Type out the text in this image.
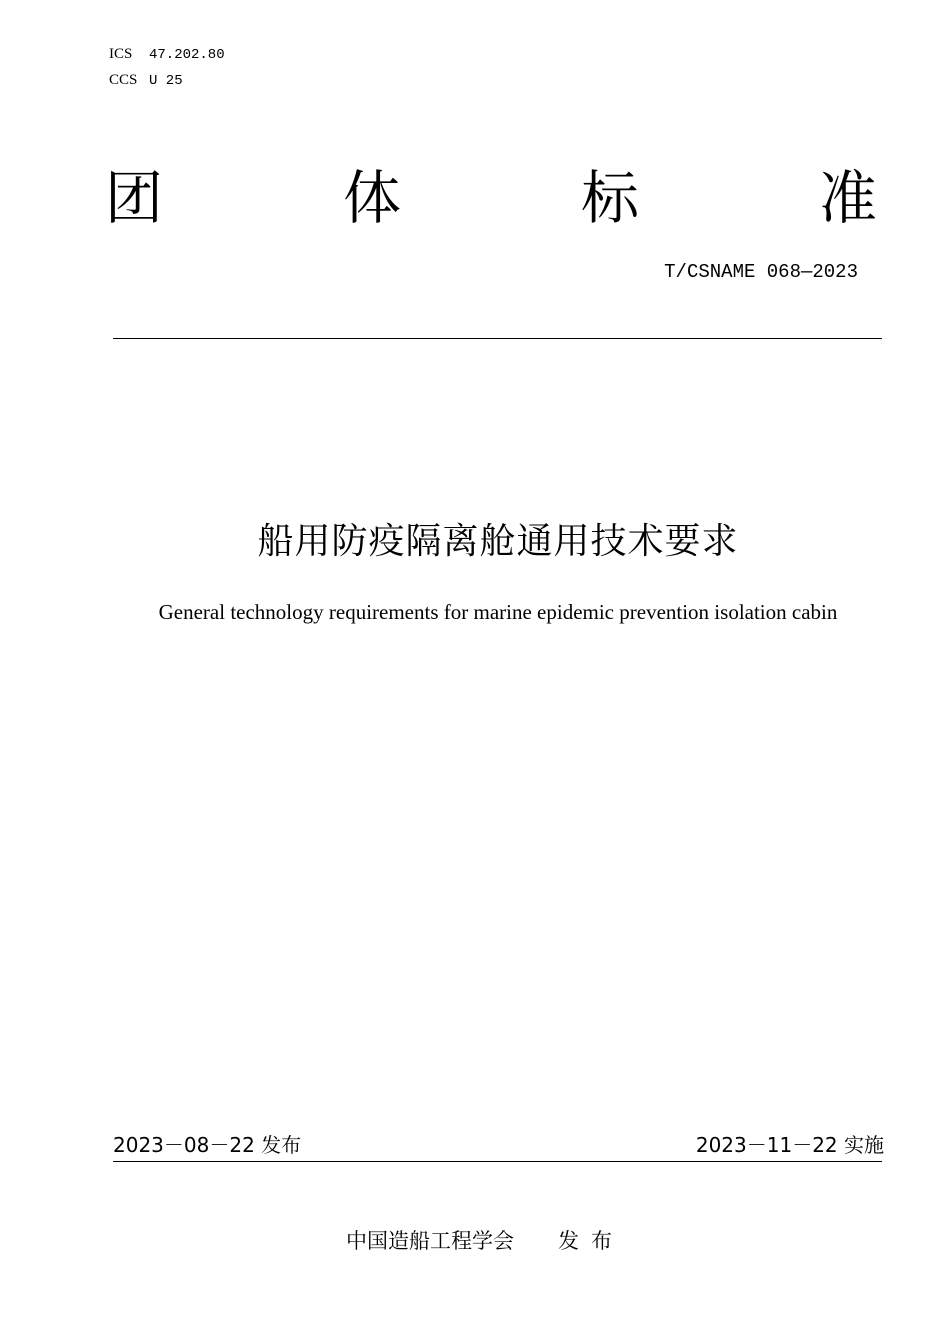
ICS 47.202.80
CCS U 25
团	体	标	准
T/CSNAME 068—2023
船用防疫隔离舱通用技术要求
General technology requirements for marine epidemic prevention isolation cabin
2023－08－22 发布	2023－11－22 实施
中国造船工程学会 发布
